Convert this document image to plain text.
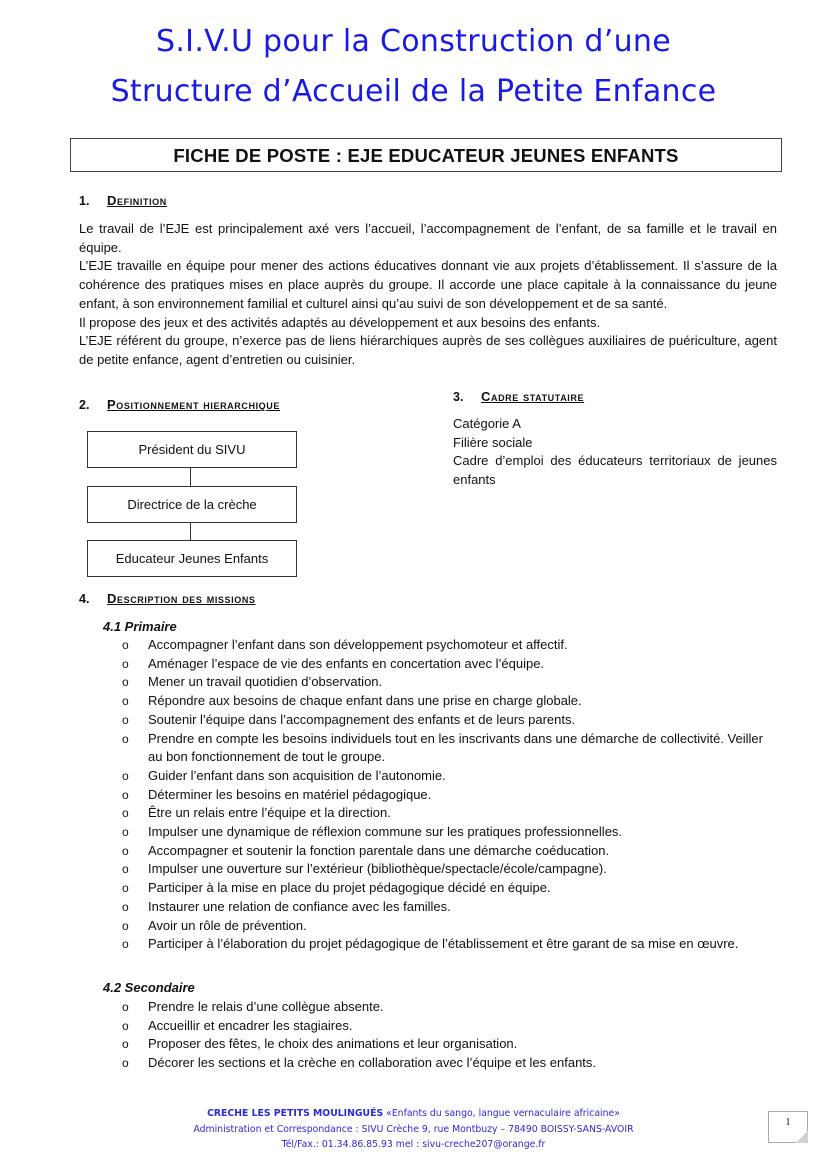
S.I.V.U pour la Construction d’une
Structure d’Accueil de la Petite Enfance
FICHE DE POSTE : EJE EDUCATEUR JEUNES ENFANTS
1. Definition

Le travail de l’EJE est principalement axé vers l’accueil, l’accompagnement de l’enfant, de sa famille et le travail en équipe.

L’EJE travaille en équipe pour mener des actions éducatives donnant vie aux projets d’établissement. Il s’assure de la cohérence des pratiques mises en place auprès du groupe. Il accorde une place capitale à la connaissance du jeune enfant, à son environnement familial et culturel ainsi qu’au suivi de son développement et de sa santé.

Il propose des jeux et des activités adaptés au développement et aux besoins des enfants.

L’EJE référent du groupe, n’exerce pas de liens hiérarchiques auprès de ses collègues auxiliaires de puériculture, agent de petite enfance, agent d’entretien ou cuisinier.

2. Positionnement hierarchique
Président du SIVU
Directrice de la crèche
Educateur Jeunes Enfants
3. Cadre statutaire
Catégorie A
Filière sociale
Cadre d’emploi des éducateurs territoriaux de jeunes enfants
4. Description des missions
4.1 Primaire
o Accompagner l’enfant dans son développement psychomoteur et affectif.
o Aménager l’espace de vie des enfants en concertation avec l’équipe.
o Mener un travail quotidien d’observation.
o Répondre aux besoins de chaque enfant dans une prise en charge globale.
o Soutenir l’équipe dans l’accompagnement des enfants et de leurs parents.
o Prendre en compte les besoins individuels tout en les inscrivants dans une démarche de collectivité. Veiller au bon fonctionnement de tout le groupe.
o Guider l’enfant dans son acquisition de l’autonomie.
o Déterminer les besoins en matériel pédagogique.
o Être un relais entre l’équipe et la direction.
o Impulser une dynamique de réflexion commune sur les pratiques professionnelles.
o Accompagner et soutenir la fonction parentale dans une démarche coéducation.
o Impulser une ouverture sur l’extérieur (bibliothèque/spectacle/école/campagne).
o Participer à la mise en place du projet pédagogique décidé en équipe.
o Instaurer une relation de confiance avec les familles.
o Avoir un rôle de prévention.
o Participer à l’élaboration du projet pédagogique de l’établissement et être garant de sa mise en œuvre.
4.2 Secondaire
o Prendre le relais d’une collègue absente.
o Accueillir et encadrer les stagiaires.
o Proposer des fêtes, le choix des animations et leur organisation.
o Décorer les sections et la crèche en collaboration avec l’équipe et les enfants.
CRECHE LES PETITS MOULINGUÉS «Enfants du sango, langue vernaculaire africaine»
Administration et Correspondance : SIVU Crèche 9, rue Montbuzy – 78490 BOISSY-SANS-AVOIR
Tél/Fax.: 01.34.86.85.93 mel : sivu-creche207@orange.fr
1
